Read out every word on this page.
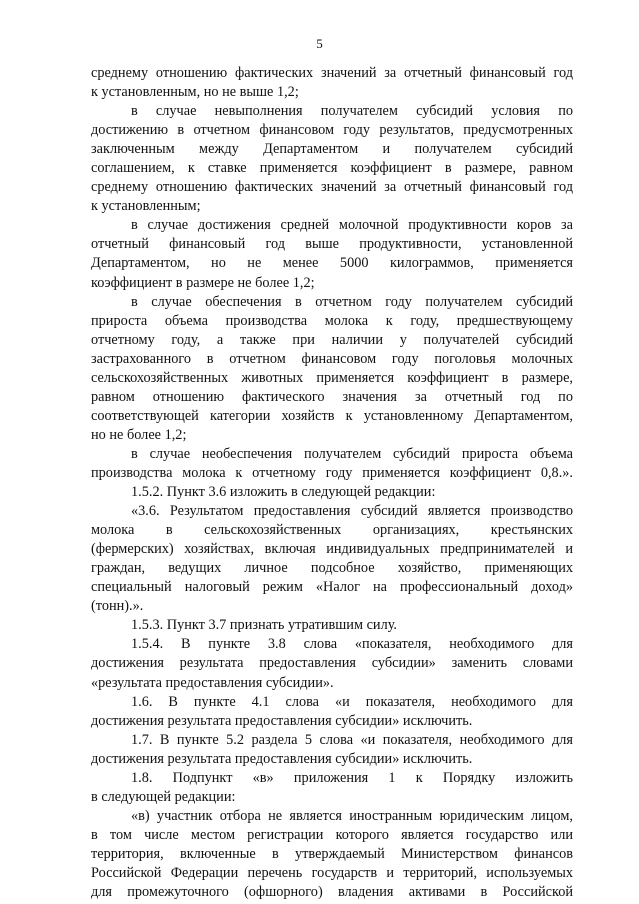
5
среднему отношению фактических значений за отчетный финансовый год
к установленным, но не выше 1,2;
в случае невыполнения получателем субсидий условия по
достижению в отчетном финансовом году результатов, предусмотренных
заключенным между Департаментом и получателем субсидий
соглашением, к ставке применяется коэффициент в размере, равном
среднему отношению фактических значений за отчетный финансовый год
к установленным;
в случае достижения средней молочной продуктивности коров за
отчетный финансовый год выше продуктивности, установленной
Департаментом, но не менее 5000 килограммов, применяется
коэффициент в размере не более 1,2;
в случае обеспечения в отчетном году получателем субсидий
прироста объема производства молока к году, предшествующему
отчетному году, а также при наличии у получателей субсидий
застрахованного в отчетном финансовом году поголовья молочных
сельскохозяйственных животных применяется коэффициент в размере,
равном отношению фактического значения за отчетный год по
соответствующей категории хозяйств к установленному Департаментом,
но не более 1,2;
в случае необеспечения получателем субсидий прироста объема
производства молока к отчетному году применяется коэффициент 0,8.».
1.5.2. Пункт 3.6 изложить в следующей редакции:
«3.6. Результатом предоставления субсидий является производство
молока в сельскохозяйственных организациях, крестьянских
(фермерских) хозяйствах, включая индивидуальных предпринимателей и
граждан, ведущих личное подсобное хозяйство, применяющих
специальный налоговый режим «Налог на профессиональный доход»
(тонн).».
1.5.3. Пункт 3.7 признать утратившим силу.
1.5.4. В пункте 3.8 слова «показателя, необходимого для
достижения результата предоставления субсидии» заменить словами
«результата предоставления субсидии».
1.6. В пункте 4.1 слова «и показателя, необходимого для
достижения результата предоставления субсидии» исключить.
1.7. В пункте 5.2 раздела 5 слова «и показателя, необходимого для
достижения результата предоставления субсидии» исключить.
1.8. Подпункт «в» приложения 1 к Порядку изложить
в следующей редакции:
«в) участник отбора не является иностранным юридическим лицом,
в том числе местом регистрации которого является государство или
территория, включенные в утверждаемый Министерством финансов
Российской Федерации перечень государств и территорий, используемых
для промежуточного (офшорного) владения активами в Российской
